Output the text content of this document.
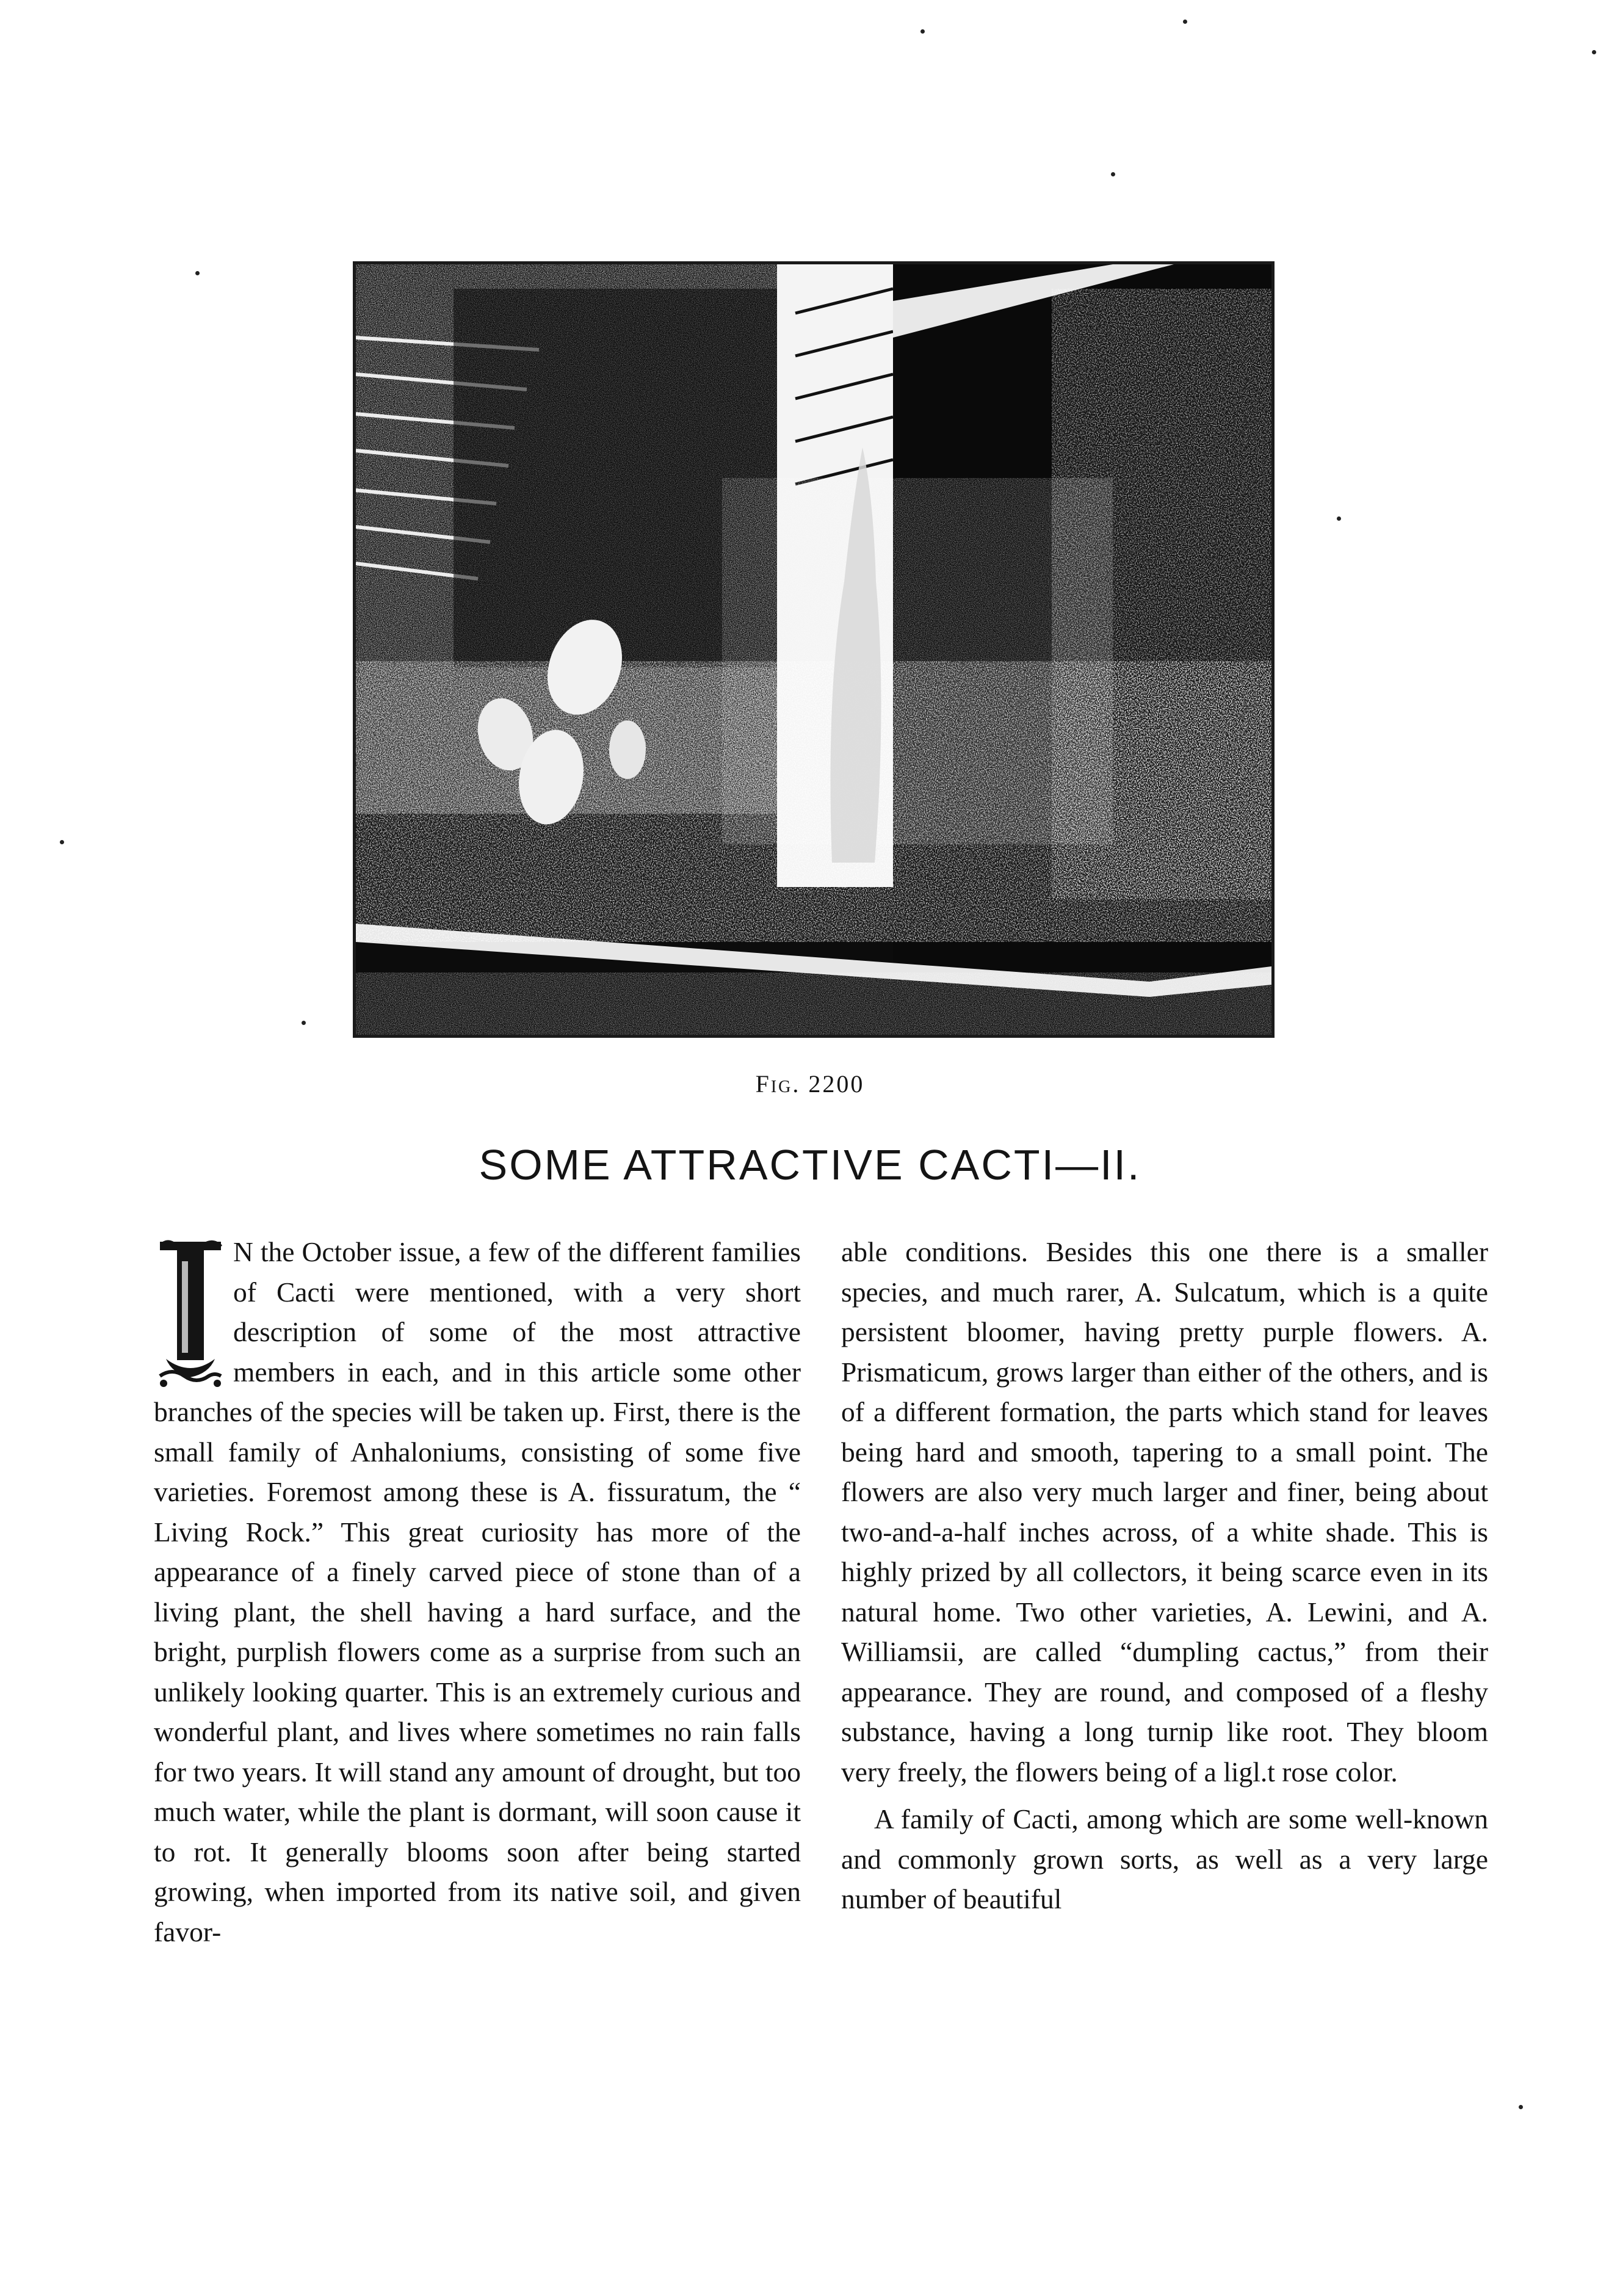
Fig. 2200
SOME ATTRACTIVE CACTI—II.

N the October issue, a few of the different families of Cacti were mentioned, with a very short description of some of the most attractive members in each, and in this article some other branches of the species will be taken up. First, there is the small family of Anhaloniums, consisting of some five varieties. Foremost among these is A. fissuratum, the “ Living Rock.” This great curiosity has more of the appearance of a finely carved piece of stone than of a living plant, the shell having a hard surface, and the bright, purplish flowers come as a surprise from such an unlikely looking quarter. This is an extremely curious and wonderful plant, and lives where sometimes no rain falls for two years. It will stand any amount of drought, but too much water, while the plant is dormant, will soon cause it to rot. It generally blooms soon after being started growing, when imported from its native soil, and given favor-

able conditions. Besides this one there is a smaller species, and much rarer, A. Sulcatum, which is a quite persistent bloomer, having pretty purple flowers. A. Prismaticum, grows larger than either of the others, and is of a different formation, the parts which stand for leaves being hard and smooth, tapering to a small point. The flowers are also very much larger and finer, being about two-and-a-half inches across, of a white shade. This is highly prized by all collectors, it being scarce even in its natural home. Two other varieties, A. Lewini, and A. Williamsii, are called “dumpling cactus,” from their appearance. They are round, and composed of a fleshy substance, having a long turnip like root. They bloom very freely, the flowers being of a ligl.t rose color.

A family of Cacti, among which are some well-known and commonly grown sorts, as well as a very large number of beautiful
